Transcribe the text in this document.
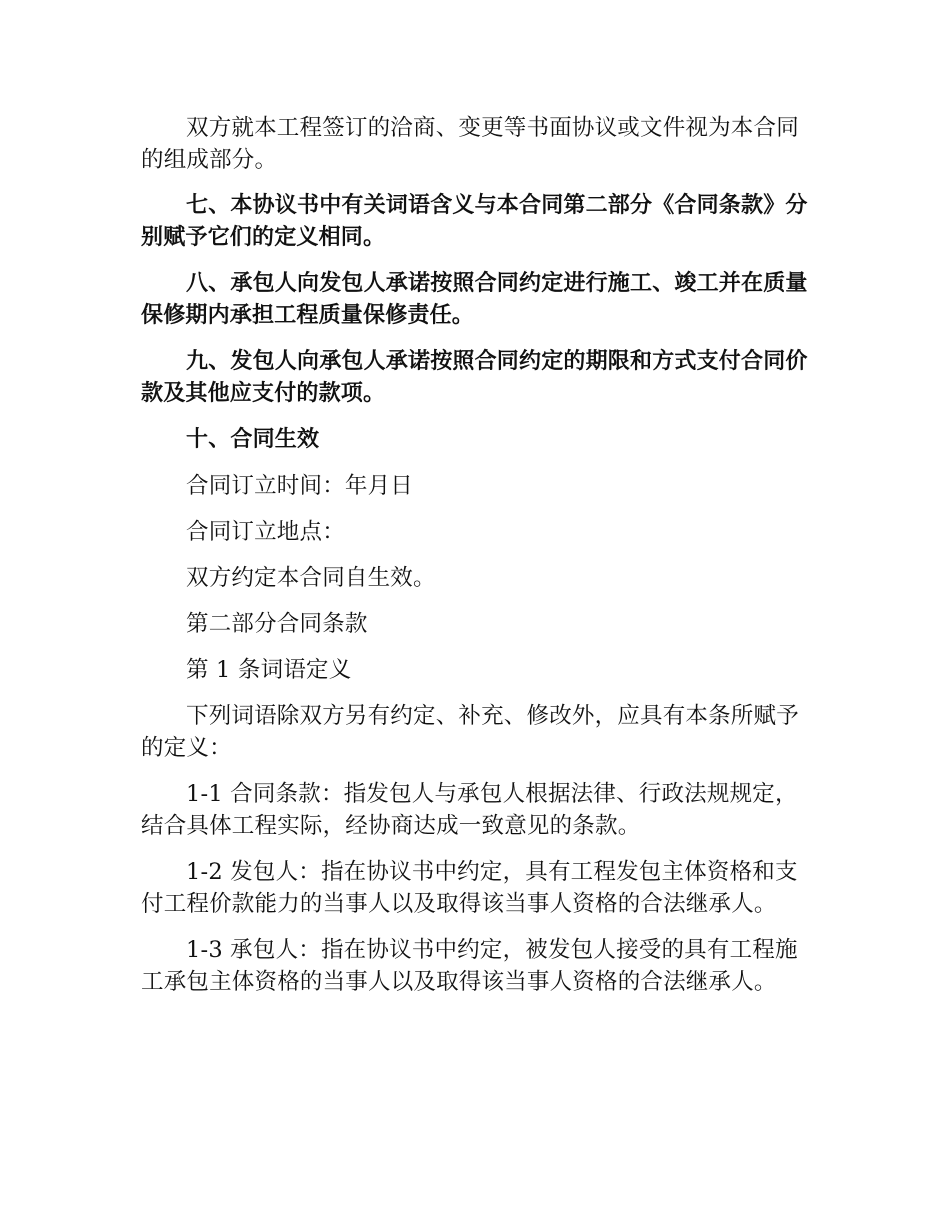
双方就本工程签订的洽商、变更等书面协议或文件视为本合同的组成部分。

七、本协议书中有关词语含义与本合同第二部分《合同条款》分别赋予它们的定义相同。

八、承包人向发包人承诺按照合同约定进行施工、竣工并在质量保修期内承担工程质量保修责任。

九、发包人向承包人承诺按照合同约定的期限和方式支付合同价款及其他应支付的款项。

十、合同生效

合同订立时间：年月日

合同订立地点：

双方约定本合同自生效。

第二部分合同条款

第 1 条词语定义

下列词语除双方另有约定、补充、修改外，应具有本条所赋予的定义：

1-1 合同条款：指发包人与承包人根据法律、行政法规规定，结合具体工程实际，经协商达成一致意见的条款。

1-2 发包人：指在协议书中约定，具有工程发包主体资格和支付工程价款能力的当事人以及取得该当事人资格的合法继承人。

1-3 承包人：指在协议书中约定，被发包人接受的具有工程施工承包主体资格的当事人以及取得该当事人资格的合法继承人。
